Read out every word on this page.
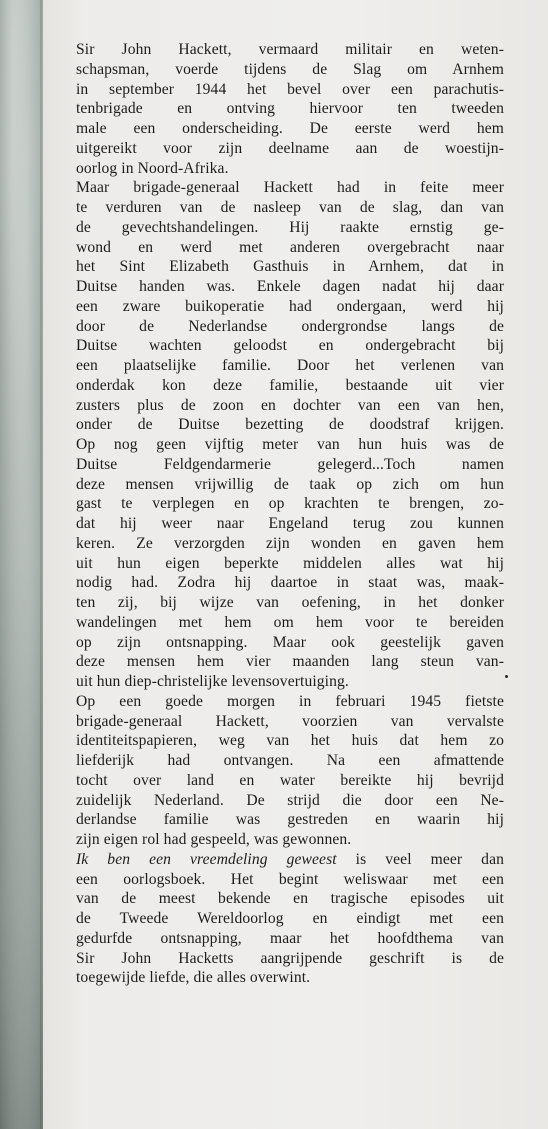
Sir John Hackett, vermaard militair en weten-
schapsman, voerde tijdens de Slag om Arnhem
in september 1944 het bevel over een parachutis-
tenbrigade en ontving hiervoor ten tweeden
male een onderscheiding. De eerste werd hem
uitgereikt voor zijn deelname aan de woestijn-
oorlog in Noord-Afrika.
Maar brigade-generaal Hackett had in feite meer
te verduren van de nasleep van de slag, dan van
de gevechtshandelingen. Hij raakte ernstig ge-
wond en werd met anderen overgebracht naar
het Sint Elizabeth Gasthuis in Arnhem, dat in
Duitse handen was. Enkele dagen nadat hij daar
een zware buikoperatie had ondergaan, werd hij
door de Nederlandse ondergrondse langs de
Duitse wachten geloodst en ondergebracht bij
een plaatselijke familie. Door het verlenen van
onderdak kon deze familie, bestaande uit vier
zusters plus de zoon en dochter van een van hen,
onder de Duitse bezetting de doodstraf krijgen.
Op nog geen vijftig meter van hun huis was de
Duitse Feldgendarmerie gelegerd...Toch namen
deze mensen vrijwillig de taak op zich om hun
gast te verplegen en op krachten te brengen, zo-
dat hij weer naar Engeland terug zou kunnen
keren. Ze verzorgden zijn wonden en gaven hem
uit hun eigen beperkte middelen alles wat hij
nodig had. Zodra hij daartoe in staat was, maak-
ten zij, bij wijze van oefening, in het donker
wandelingen met hem om hem voor te bereiden
op zijn ontsnapping. Maar ook geestelijk gaven
deze mensen hem vier maanden lang steun van-
uit hun diep-christelijke levensovertuiging.
Op een goede morgen in februari 1945 fietste
brigade-generaal Hackett, voorzien van vervalste
identiteitspapieren, weg van het huis dat hem zo
liefderijk had ontvangen. Na een afmattende
tocht over land en water bereikte hij bevrijd
zuidelijk Nederland. De strijd die door een Ne-
derlandse familie was gestreden en waarin hij
zijn eigen rol had gespeeld, was gewonnen.
Ik ben een vreemdeling geweest is veel meer dan
een oorlogsboek. Het begint weliswaar met een
van de meest bekende en tragische episodes uit
de Tweede Wereldoorlog en eindigt met een
gedurfde ontsnapping, maar het hoofdthema van
Sir John Hacketts aangrijpende geschrift is de
toegewijde liefde, die alles overwint.
